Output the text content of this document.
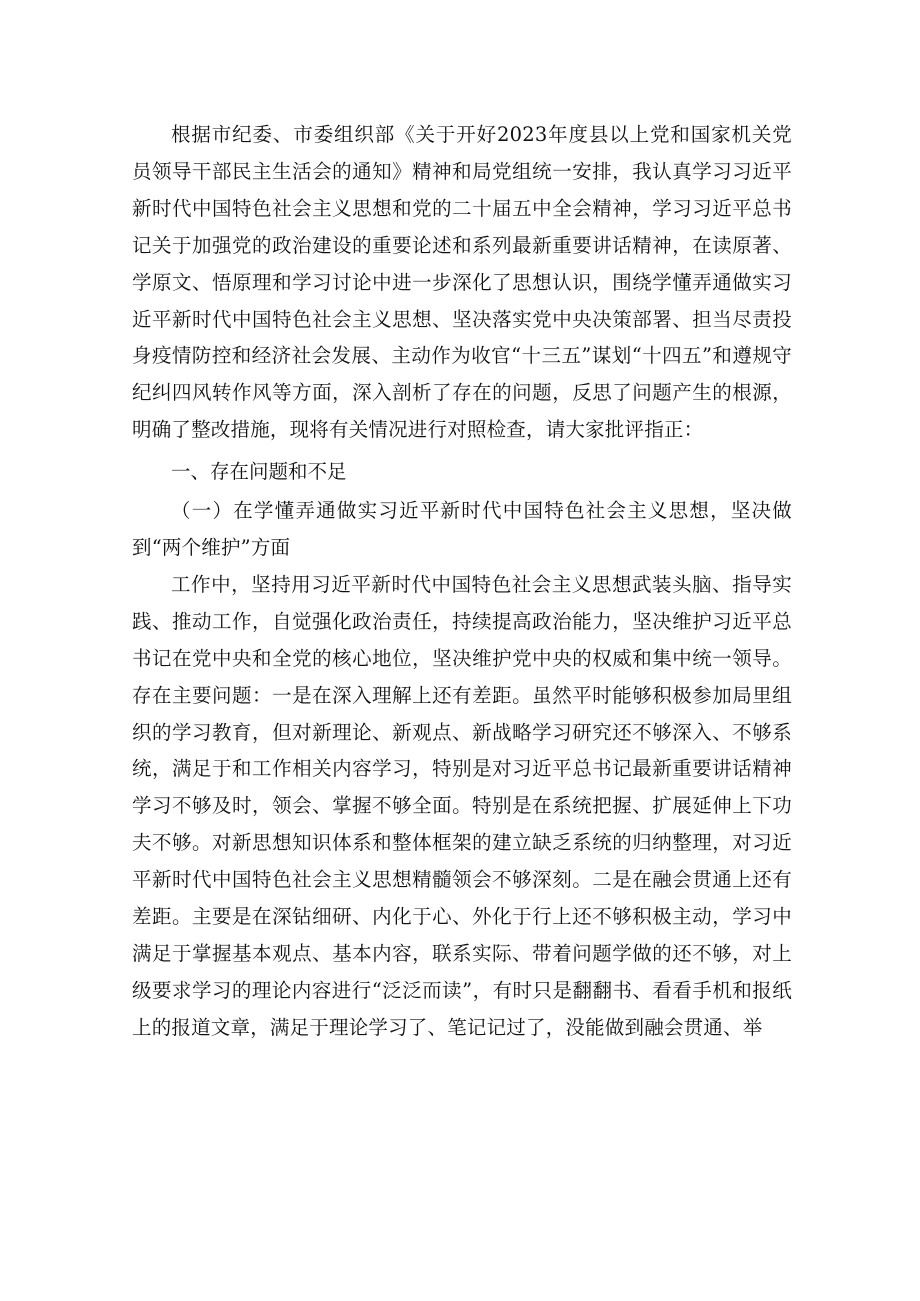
根据市纪委、市委组织部《关于开好2023年度县以上党和国家机关党员领导干部民主生活会的通知》精神和局党组统一安排，我认真学习习近平新时代中国特色社会主义思想和党的二十届五中全会精神，学习习近平总书记关于加强党的政治建设的重要论述和系列最新重要讲话精神，在读原著、学原文、悟原理和学习讨论中进一步深化了思想认识，围绕学懂弄通做实习近平新时代中国特色社会主义思想、坚决落实党中央决策部署、担当尽责投身疫情防控和经济社会发展、主动作为收官“十三五”谋划“十四五”和遵规守纪纠四风转作风等方面，深入剖析了存在的问题，反思了问题产生的根源，明确了整改措施，现将有关情况进行对照检查，请大家批评指正：

一、存在问题和不足

（一）在学懂弄通做实习近平新时代中国特色社会主义思想，坚决做到“两个维护”方面

工作中，坚持用习近平新时代中国特色社会主义思想武装头脑、指导实践、推动工作，自觉强化政治责任，持续提高政治能力，坚决维护习近平总书记在党中央和全党的核心地位，坚决维护党中央的权威和集中统一领导。存在主要问题：一是在深入理解上还有差距。虽然平时能够积极参加局里组织的学习教育，但对新理论、新观点、新战略学习研究还不够深入、不够系统，满足于和工作相关内容学习，特别是对习近平总书记最新重要讲话精神学习不够及时，领会、掌握不够全面。特别是在系统把握、扩展延伸上下功夫不够。对新思想知识体系和整体框架的建立缺乏系统的归纳整理，对习近平新时代中国特色社会主义思想精髓领会不够深刻。二是在融会贯通上还有差距。主要是在深钻细研、内化于心、外化于行上还不够积极主动，学习中满足于掌握基本观点、基本内容，联系实际、带着问题学做的还不够，对上级要求学习的理论内容进行“泛泛而读”，有时只是翻翻书、看看手机和报纸上的报道文章，满足于理论学习了、笔记记过了，没能做到融会贯通、举
